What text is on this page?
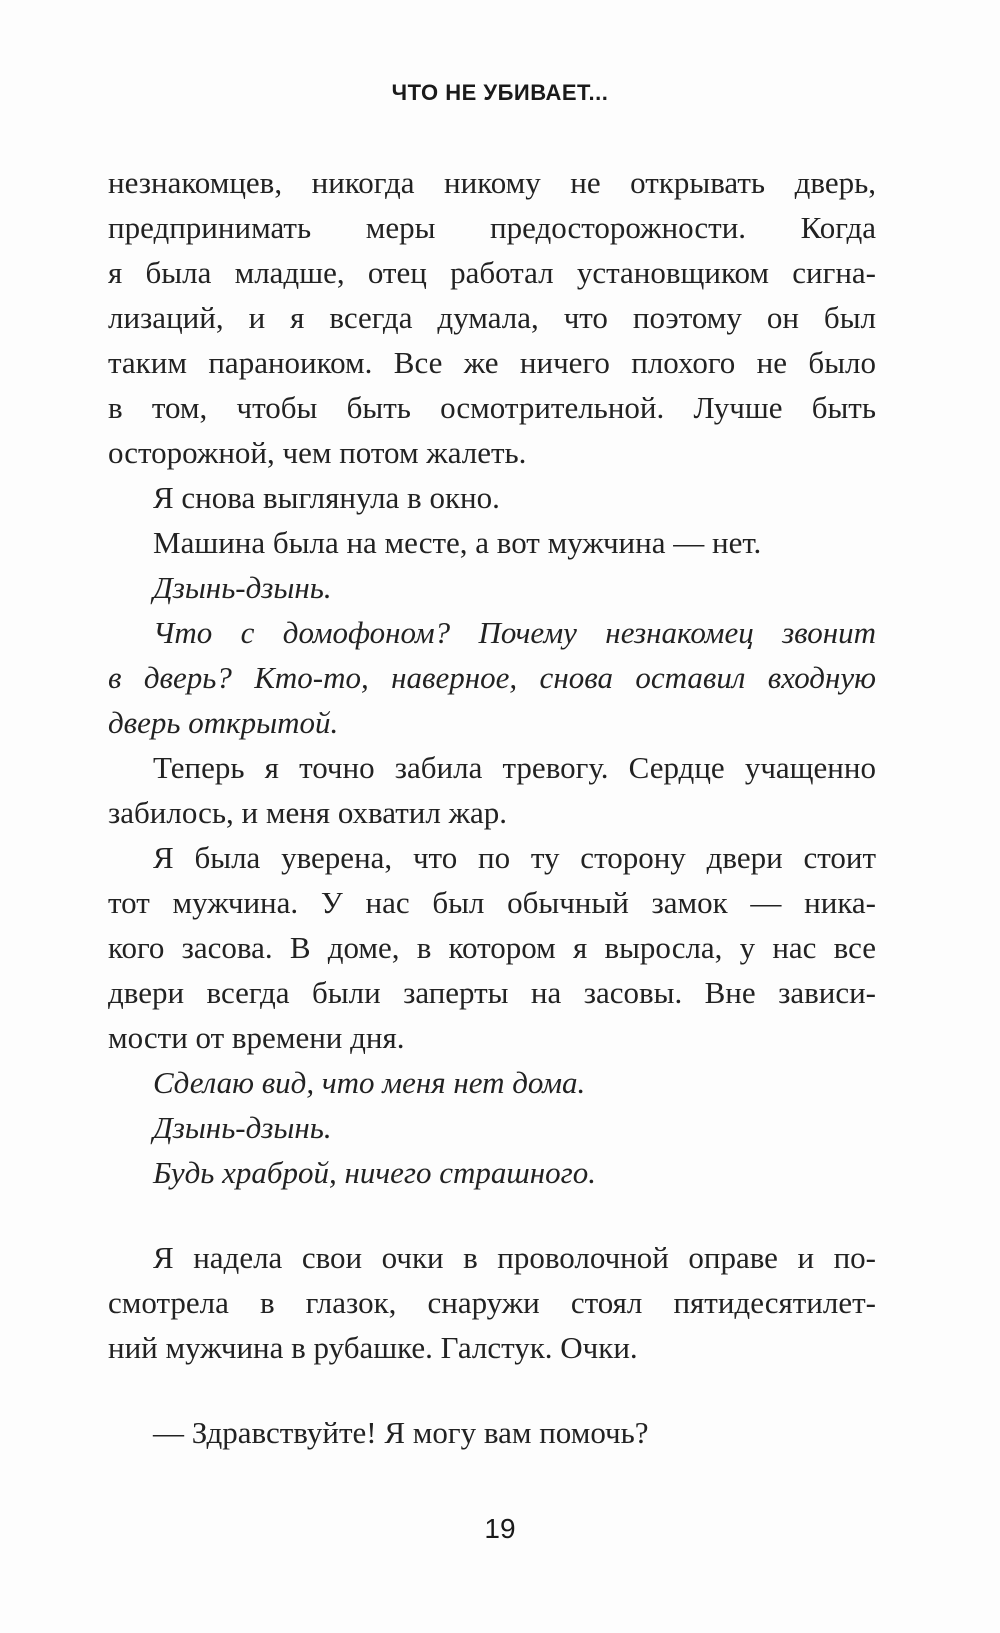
ЧТО НЕ УБИВАЕТ...
незнакомцев, никогда никому не открывать дверь,
предпринимать меры предосторожности. Когда
я была младше, отец работал установщиком сигна-
лизаций, и я всегда думала, что поэтому он был
таким параноиком. Все же ничего плохого не было
в том, чтобы быть осмотрительной. Лучше быть
осторожной, чем потом жалеть.
Я снова выглянула в окно.
Машина была на месте, а вот мужчина — нет.
Дзынь-дзынь.
Что с домофоном? Почему незнакомец звонит
в дверь? Кто-то, наверное, снова оставил входную
дверь открытой.
Теперь я точно забила тревогу. Сердце учащенно
забилось, и меня охватил жар.
Я была уверена, что по ту сторону двери стоит
тот мужчина. У нас был обычный замок — ника-
кого засова. В доме, в котором я выросла, у нас все
двери всегда были заперты на засовы. Вне зависи-
мости от времени дня.
Сделаю вид, что меня нет дома.
Дзынь-дзынь.
Будь храброй, ничего страшного.
Я надела свои очки в проволочной оправе и по-
смотрела в глазок, снаружи стоял пятидесятилет-
ний мужчина в рубашке. Галстук. Очки.
— Здравствуйте! Я могу вам помочь?
19
